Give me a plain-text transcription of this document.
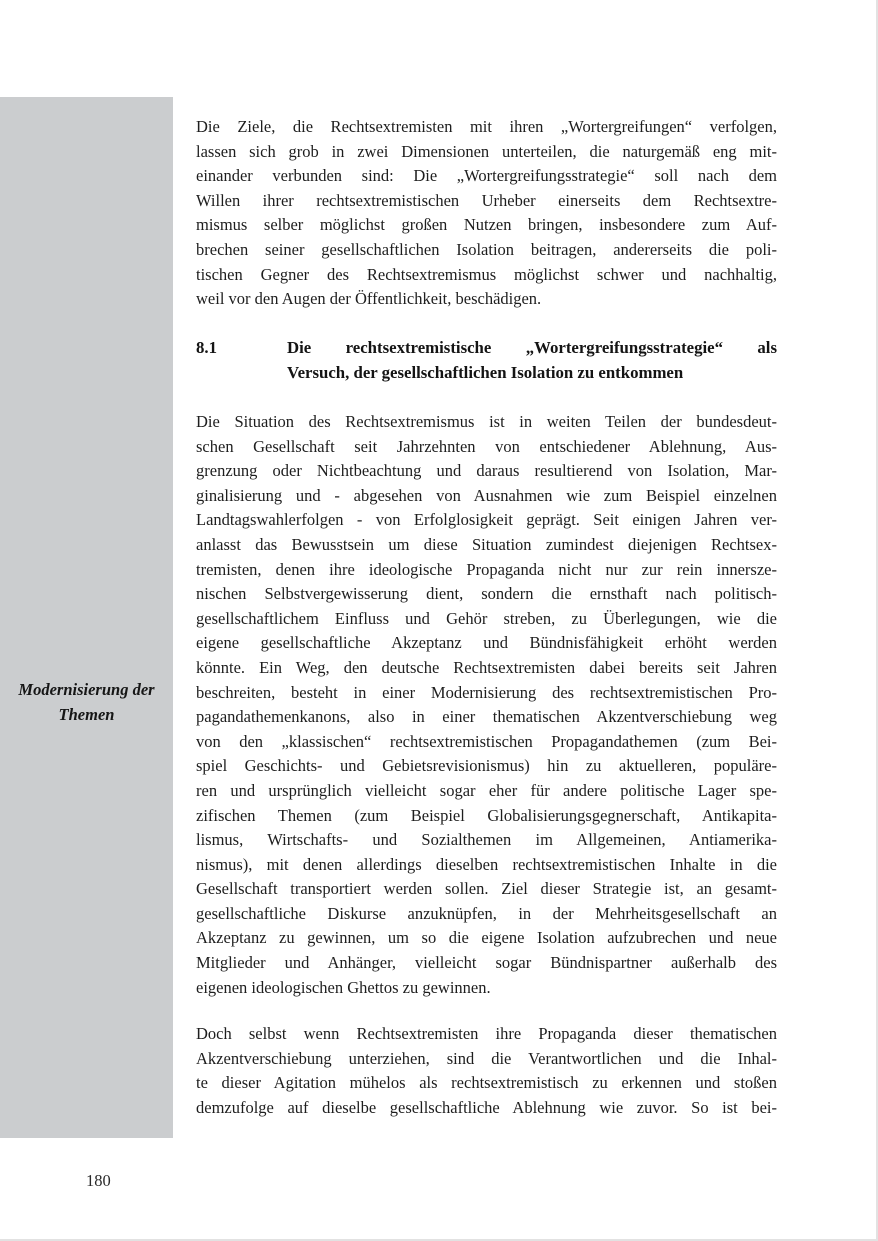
Modernisierung der Themen
Die Ziele, die Rechtsextremisten mit ihren „Wortergreifungen“ verfolgen,
lassen sich grob in zwei Dimensionen unterteilen, die naturgemäß eng mit-
einander verbunden sind: Die „Wortergreifungsstrategie“ soll nach dem
Willen ihrer rechtsextremistischen Urheber einerseits dem Rechtsextre-
mismus selber möglichst großen Nutzen bringen, insbesondere zum Auf-
brechen seiner gesellschaftlichen Isolation beitragen, andererseits die poli-
tischen Gegner des Rechtsextremismus möglichst schwer und nachhaltig,
weil vor den Augen der Öffentlichkeit, beschädigen.
8.1	Die rechtsextremistische „Wortergreifungsstrategie“ als
Versuch, der gesellschaftlichen Isolation zu entkommen
Die Situation des Rechtsextremismus ist in weiten Teilen der bundesdeut-
schen Gesellschaft seit Jahrzehnten von entschiedener Ablehnung, Aus-
grenzung oder Nichtbeachtung und daraus resultierend von Isolation, Mar-
ginalisierung und - abgesehen von Ausnahmen wie zum Beispiel einzelnen
Landtagswahlerfolgen - von Erfolglosigkeit geprägt. Seit einigen Jahren ver-
anlasst das Bewusstsein um diese Situation zumindest diejenigen Rechtsex-
tremisten, denen ihre ideologische Propaganda nicht nur zur rein innersze-
nischen Selbstvergewisserung dient, sondern die ernsthaft nach politisch-
gesellschaftlichem Einfluss und Gehör streben, zu Überlegungen, wie die
eigene gesellschaftliche Akzeptanz und Bündnisfähigkeit erhöht werden
könnte. Ein Weg, den deutsche Rechtsextremisten dabei bereits seit Jahren
beschreiten, besteht in einer Modernisierung des rechtsextremistischen Pro-
pagandathemenkanons, also in einer thematischen Akzentverschiebung weg
von den „klassischen“ rechtsextremistischen Propagandathemen (zum Bei-
spiel Geschichts- und Gebietsrevisionismus) hin zu aktuelleren, populäre-
ren und ursprünglich vielleicht sogar eher für andere politische Lager spe-
zifischen Themen (zum Beispiel Globalisierungsgegnerschaft, Antikapita-
lismus, Wirtschafts- und Sozialthemen im Allgemeinen, Antiamerika-
nismus), mit denen allerdings dieselben rechtsextremistischen Inhalte in die
Gesellschaft transportiert werden sollen. Ziel dieser Strategie ist, an gesamt-
gesellschaftliche Diskurse anzuknüpfen, in der Mehrheitsgesellschaft an
Akzeptanz zu gewinnen, um so die eigene Isolation aufzubrechen und neue
Mitglieder und Anhänger, vielleicht sogar Bündnispartner außerhalb des
eigenen ideologischen Ghettos zu gewinnen.
Doch selbst wenn Rechtsextremisten ihre Propaganda dieser thematischen
Akzentverschiebung unterziehen, sind die Verantwortlichen und die Inhal-
te dieser Agitation mühelos als rechtsextremistisch zu erkennen und stoßen
demzufolge auf dieselbe gesellschaftliche Ablehnung wie zuvor. So ist bei-
180
